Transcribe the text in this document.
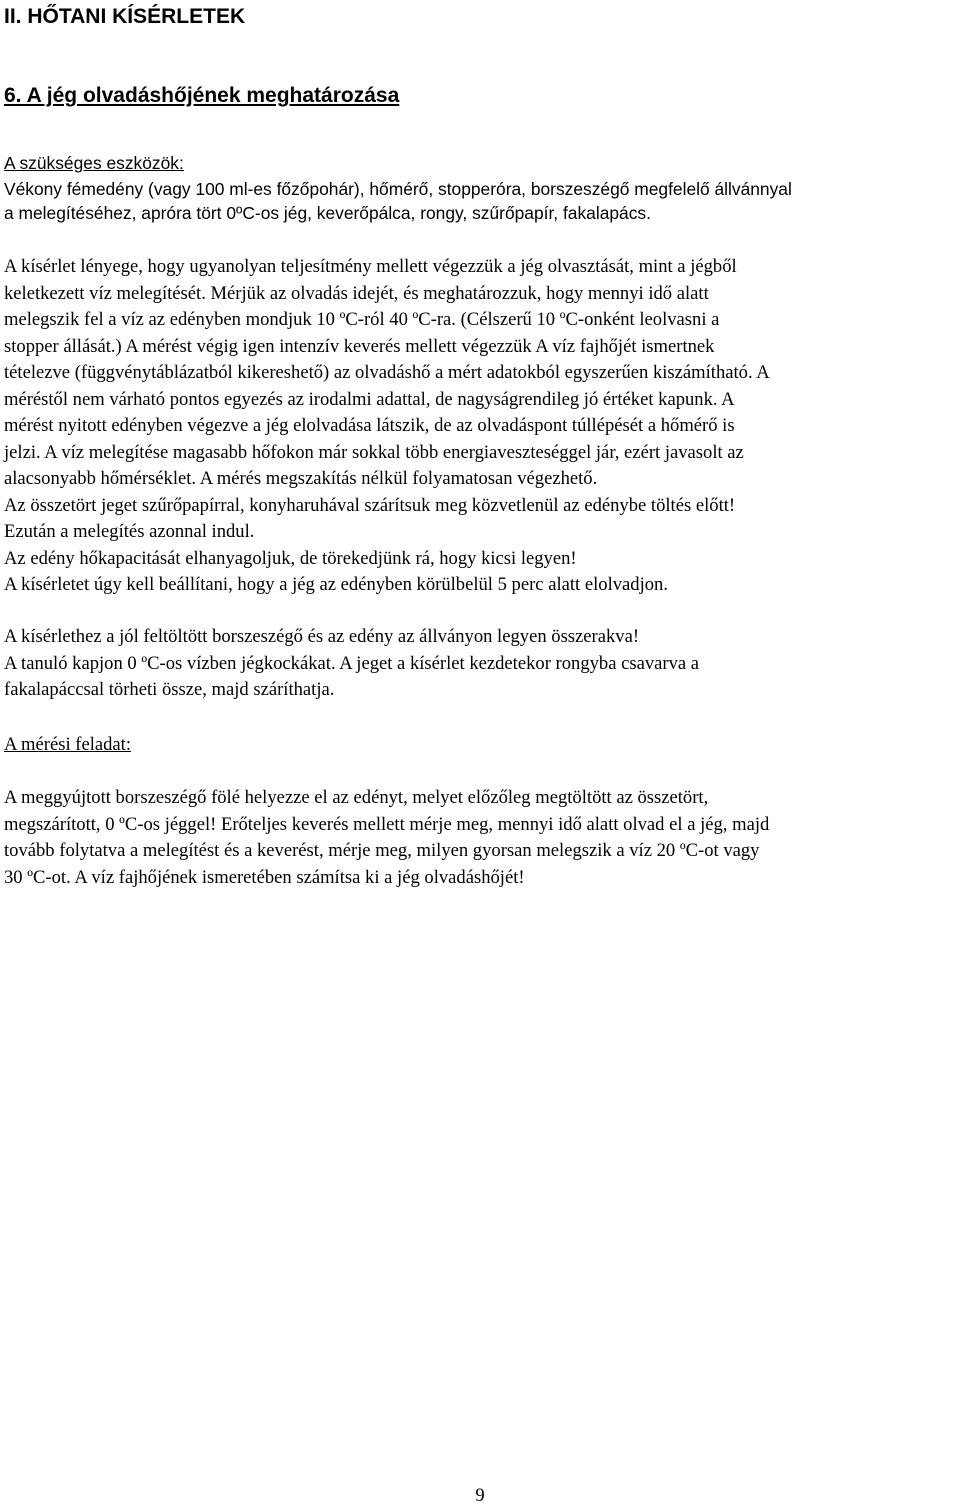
II. HŐTANI KÍSÉRLETEK
6. A jég olvadáshőjének meghatározása

A szükséges eszközök:

Vékony fémedény (vagy 100 ml-es főzőpohár), hőmérő, stopperóra, borszeszégő megfelelő állvánnyal
a melegítéséhez, apróra tört 0ºC-os jég, keverőpálca, rongy, szűrőpapír, fakalapács.

A kísérlet lényege, hogy ugyanolyan teljesítmény mellett végezzük a jég olvasztását, mint a jégből
keletkezett víz melegítését. Mérjük az olvadás idejét, és meghatározzuk, hogy mennyi idő alatt
melegszik fel a víz az edényben mondjuk 10 ºC-ról 40 ºC-ra. (Célszerű 10 ºC-onként leolvasni a
stopper állását.) A mérést végig igen intenzív keverés mellett végezzük A víz fajhőjét ismertnek
tételezve (függvénytáblázatból kikereshető) az olvadáshő a mért adatokból egyszerűen kiszámítható. A
méréstől nem várható pontos egyezés az irodalmi adattal, de nagyságrendileg jó értéket kapunk. A
mérést nyitott edényben végezve a jég elolvadása látszik, de az olvadáspont túllépését a hőmérő is
jelzi. A víz melegítése magasabb hőfokon már sokkal több energiaveszteséggel jár, ezért javasolt az
alacsonyabb hőmérséklet. A mérés megszakítás nélkül folyamatosan végezhető.
Az összetört jeget szűrőpapírral, konyharuhával szárítsuk meg közvetlenül az edénybe töltés előtt!
Ezután a melegítés azonnal indul.
Az edény hőkapacitását elhanyagoljuk, de törekedjünk rá, hogy kicsi legyen!
A kísérletet úgy kell beállítani, hogy a jég az edényben körülbelül 5 perc alatt elolvadjon.

A kísérlethez a jól feltöltött borszeszégő és az edény az állványon legyen összerakva!
A tanuló kapjon 0 ºC-os vízben jégkockákat. A jeget a kísérlet kezdetekor rongyba csavarva a
fakalapáccsal törheti össze, majd száríthatja.

A mérési feladat:

A meggyújtott borszeszégő fölé helyezze el az edényt, melyet előzőleg megtöltött az összetört,
megszárított, 0 ºC-os jéggel! Erőteljes keverés mellett mérje meg, mennyi idő alatt olvad el a jég, majd
tovább folytatva a melegítést és a keverést, mérje meg, milyen gyorsan melegszik a víz 20 ºC-ot vagy
30 ºC-ot. A víz fajhőjének ismeretében számítsa ki a jég olvadáshőjét!

9
